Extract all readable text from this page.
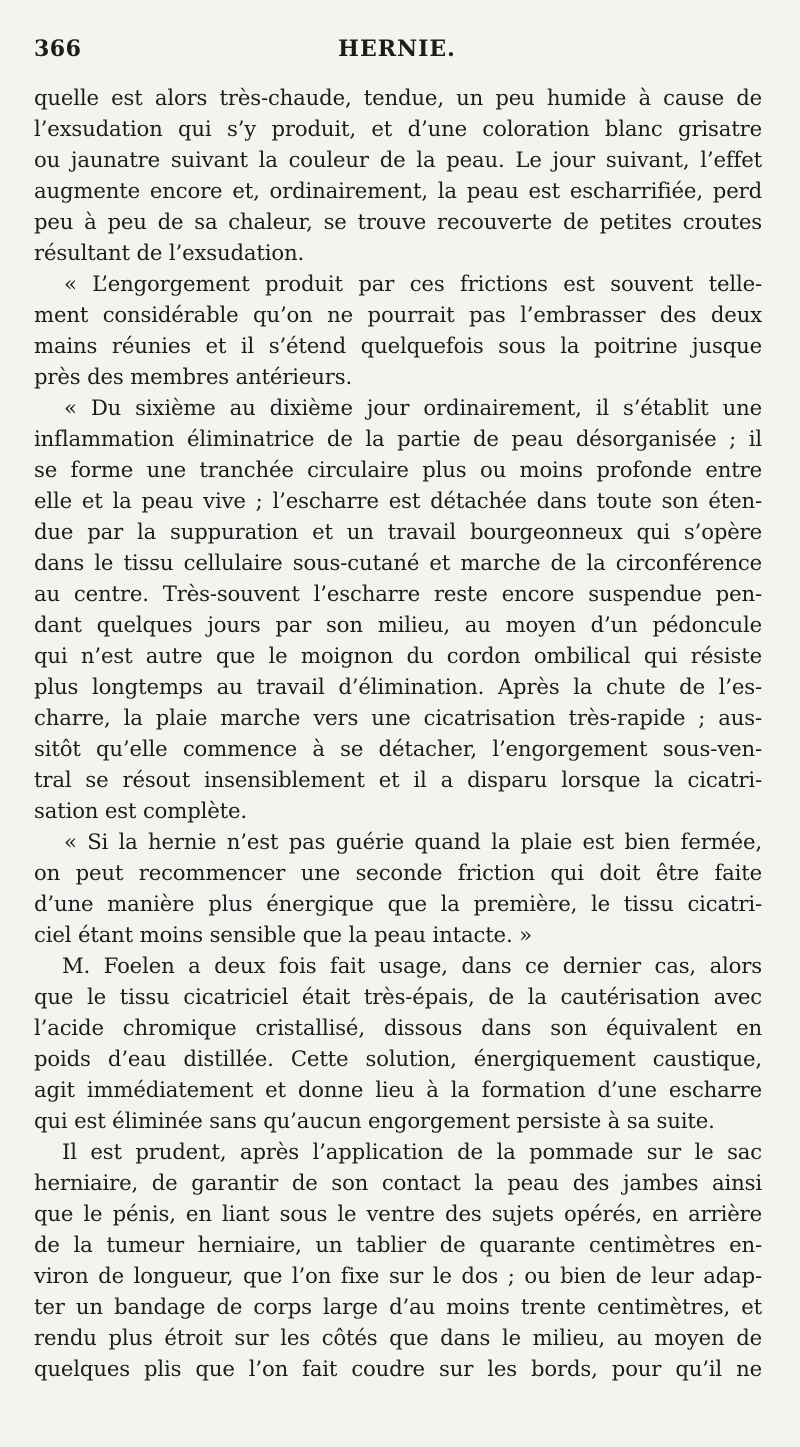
366	HERNIE.
quelle est alors très-chaude, tendue, un peu humide à cause de
l’exsudation qui s’y produit, et d’une coloration blanc grisatre
ou jaunatre suivant la couleur de la peau. Le jour suivant, l’effet
augmente encore et, ordinairement, la peau est escharrifiée, perd
peu à peu de sa chaleur, se trouve recouverte de petites croutes
résultant de l’exsudation.
« L’engorgement produit par ces frictions est souvent telle-
ment considérable qu’on ne pourrait pas l’embrasser des deux
mains réunies et il s’étend quelquefois sous la poitrine jusque
près des membres antérieurs.
« Du sixième au dixième jour ordinairement, il s’établit une
inflammation éliminatrice de la partie de peau désorganisée ; il
se forme une tranchée circulaire plus ou moins profonde entre
elle et la peau vive ; l’escharre est détachée dans toute son éten-
due par la suppuration et un travail bourgeonneux qui s’opère
dans le tissu cellulaire sous-cutané et marche de la circonférence
au centre. Très-souvent l’escharre reste encore suspendue pen-
dant quelques jours par son milieu, au moyen d’un pédoncule
qui n’est autre que le moignon du cordon ombilical qui résiste
plus longtemps au travail d’élimination. Après la chute de l’es-
charre, la plaie marche vers une cicatrisation très-rapide ; aus-
sitôt qu’elle commence à se détacher, l’engorgement sous-ven-
tral se résout insensiblement et il a disparu lorsque la cicatri-
sation est complète.
« Si la hernie n’est pas guérie quand la plaie est bien fermée,
on peut recommencer une seconde friction qui doit être faite
d’une manière plus énergique que la première, le tissu cicatri-
ciel étant moins sensible que la peau intacte. »
M. Foelen a deux fois fait usage, dans ce dernier cas, alors
que le tissu cicatriciel était très-épais, de la cautérisation avec
l’acide chromique cristallisé, dissous dans son équivalent en
poids d’eau distillée. Cette solution, énergiquement caustique,
agit immédiatement et donne lieu à la formation d’une escharre
qui est éliminée sans qu’aucun engorgement persiste à sa suite.
Il est prudent, après l’application de la pommade sur le sac
herniaire, de garantir de son contact la peau des jambes ainsi
que le pénis, en liant sous le ventre des sujets opérés, en arrière
de la tumeur herniaire, un tablier de quarante centimètres en-
viron de longueur, que l’on fixe sur le dos ; ou bien de leur adap-
ter un bandage de corps large d’au moins trente centimètres, et
rendu plus étroit sur les côtés que dans le milieu, au moyen de
quelques plis que l’on fait coudre sur les bords, pour qu’il ne
